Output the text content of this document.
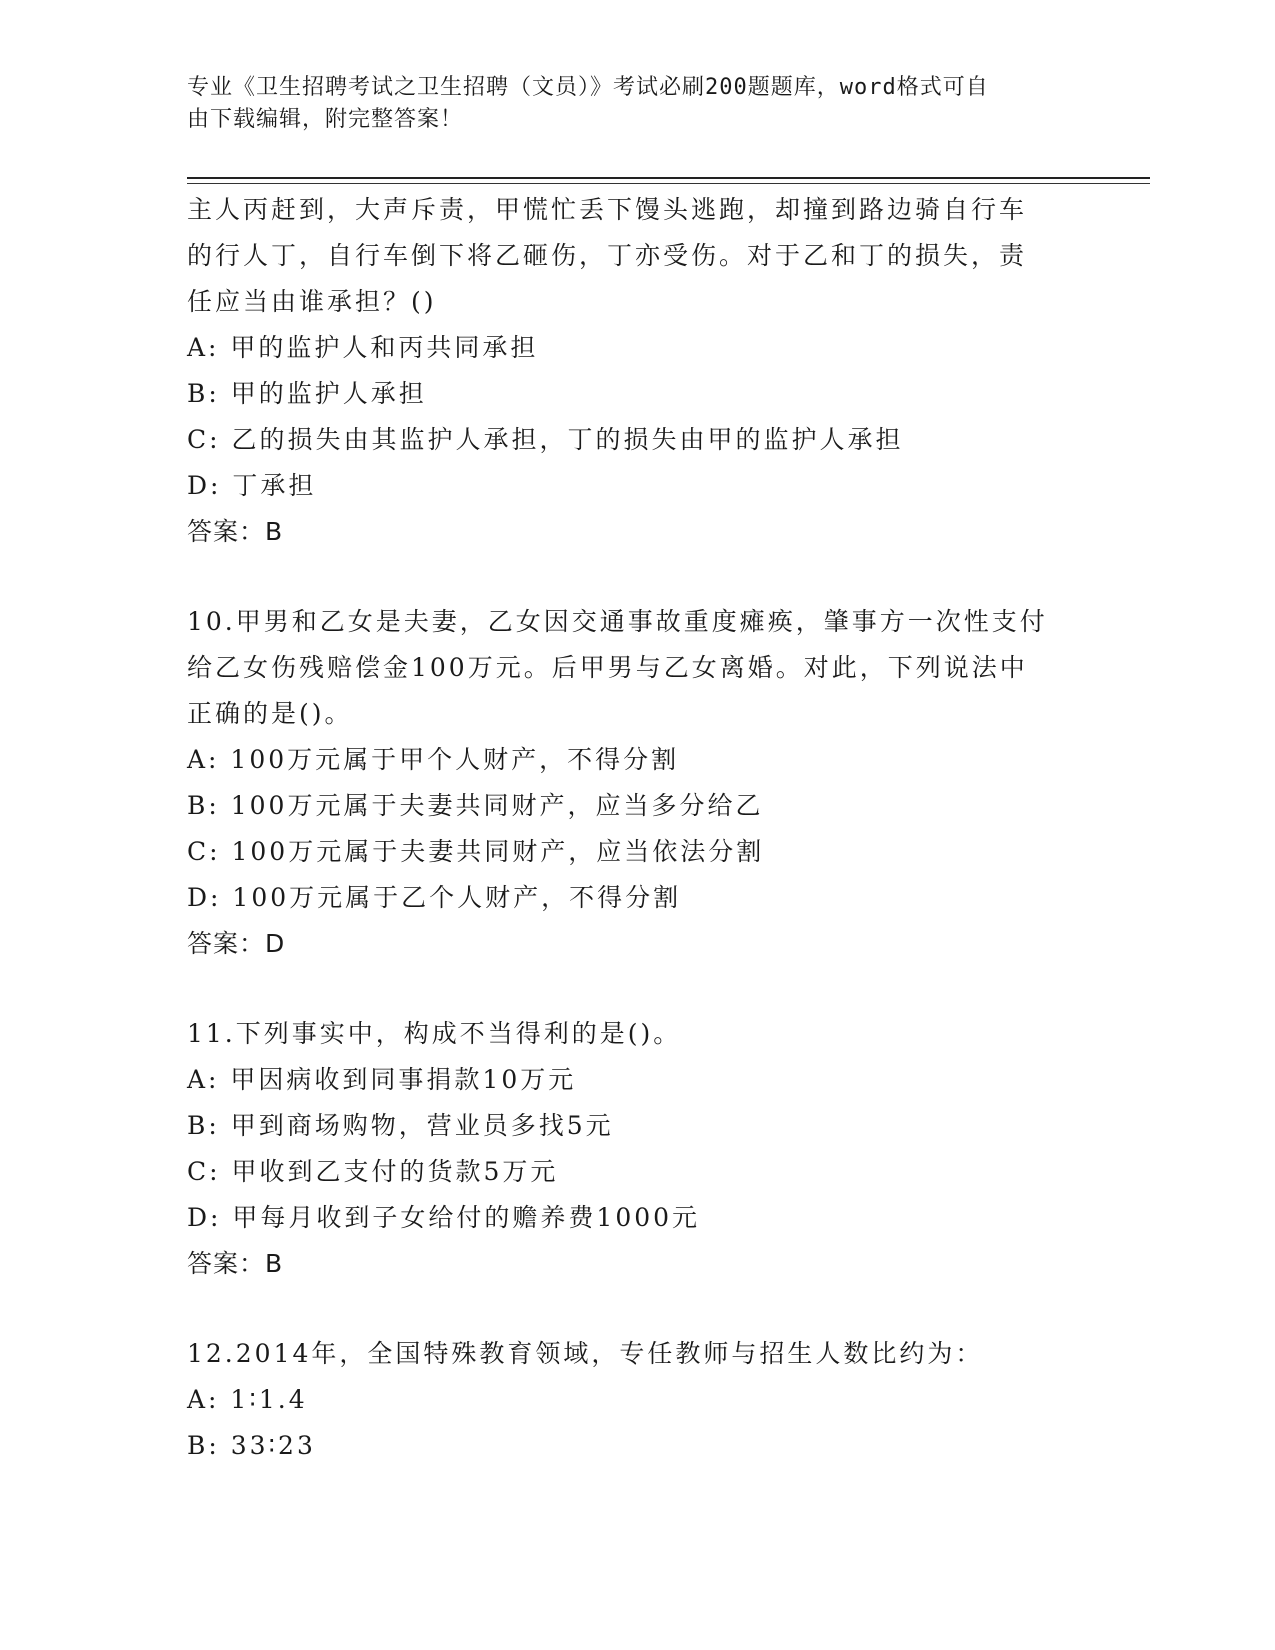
专业《卫生招聘考试之卫生招聘（文员）》考试必刷200题题库，word格式可自
由下载编辑，附完整答案！
主人丙赶到，大声斥责，甲慌忙丢下馒头逃跑，却撞到路边骑自行车
的行人丁，自行车倒下将乙砸伤，丁亦受伤。对于乙和丁的损失，责
任应当由谁承担？()
A: 甲的监护人和丙共同承担
B: 甲的监护人承担
C: 乙的损失由其监护人承担，丁的损失由甲的监护人承担
D: 丁承担
答案：B
10.甲男和乙女是夫妻，乙女因交通事故重度瘫痪，肇事方一次性支付
给乙女伤残赔偿金100万元。后甲男与乙女离婚。对此，下列说法中
正确的是()。
A: 100万元属于甲个人财产，不得分割
B: 100万元属于夫妻共同财产，应当多分给乙
C: 100万元属于夫妻共同财产，应当依法分割
D: 100万元属于乙个人财产，不得分割
答案：D
11.下列事实中，构成不当得利的是()。
A: 甲因病收到同事捐款10万元
B: 甲到商场购物，营业员多找5元
C: 甲收到乙支付的货款5万元
D: 甲每月收到子女给付的赡养费1000元
答案：B
12.2014年，全国特殊教育领域，专任教师与招生人数比约为：
A: 1∶1.4
B: 33∶23
